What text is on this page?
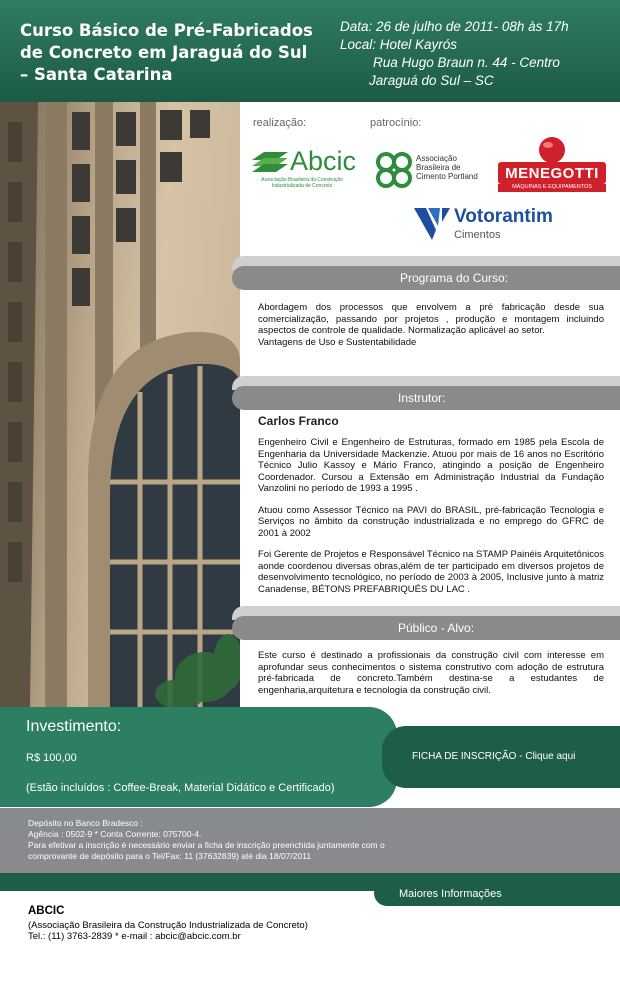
Curso Básico de Pré-Fabricados de Concreto em Jaraguá do Sul – Santa Catarina
Data: 26 de julho de 2011- 08h às 17h
Local: Hotel Kayrós
Rua Hugo Braun n. 44 - Centro
Jaraguá do Sul – SC
realização:	patrocínio:
Abcic
Associação Brasileira da Construção Industrializada de Concreto
Associação
Brasileira de
Cimento Portland	MENEGOTTI
MÁQUINAS E EQUIPAMENTOS
Votorantim
Cimentos
Programa do Curso:
Abordagem dos processos que envolvem a pré fabricação desde sua comercialização, passando por projetos , produção e montagem incluindo aspectos de controle de qualidade. Normalização aplicável ao setor.
Vantagens de Uso e Sustentabilidade
Instrutor:
Carlos Franco

Engenheiro Civil e Engenheiro de Estruturas, formado em 1985 pela Escola de Engenharia da Universidade Mackenzie. Atuou por mais de 16 anos no Escritório Técnico Julio Kassoy e Mário Franco, atingindo a posição de Engenheiro Coordenador. Cursou a Extensão em Administração Industrial da Fundação Vanzolini no período de 1993 a 1995 .

Atuou como Assessor Técnico na PAVI do BRASIL, pré-fabricação Tecnologia e Serviços no âmbito da construção industrializada e no emprego do GFRC de 2001 à 2002

Foi Gerente de Projetos e Responsável Técnico na STAMP Painéis Arquitetônicos aonde coordenou diversas obras,além de ter participado em diversos projetos de desenvolvimento tecnológico, no período de 2003 à 2005, Inclusive junto à matriz Canadense, BÉTONS PREFABRIQUÉS DU LAC .

Público - Alvo:
Este curso é destinado a profissionais da construção civil com interesse em aprofundar seus conhecimentos o sistema construtivo com adoção de estrutura pré-fabricada de concreto.Também destina-se a estudantes de engenharia,arquitetura e tecnologia da construção civil.
Investimento:
R$ 100,00
(Estão incluídos : Coffee-Break, Material Didático e Certificado)
FICHA DE INSCRIÇÃO - Clique aqui
Depósito no Banco Bradesco :
Agência : 0502-9 * Conta Corrente: 075700-4.
Para efetivar a inscrição é necessário enviar a ficha de inscrição preenchida juntamente com o
comprovante de depósito para o Tel/Fax: 11 (37632839) até dia 18/07/2011
Maiores Informações
ABCIC
(Associação Brasileira da Construção Industrializada de Concreto)
Tel.: (11) 3763-2839 * e-mail : abcic@abcic.com.br
